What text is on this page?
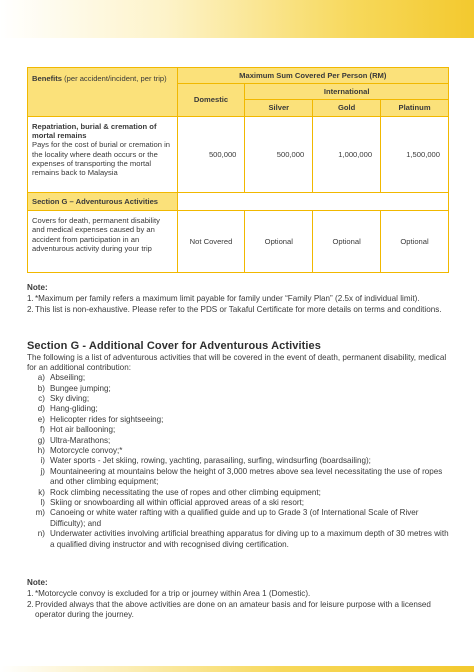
Benefits (per accident/incident, per trip)	Maximum Sum Covered Per Person (RM)			
	Domestic	International		
		Silver	Gold	Platinum

Repatriation, burial & cremation of mortal remains
Pays for the cost of burial or cremation in the locality where death occurs or the expenses of transporting the mortal remains back to Malaysia	500,000	500,000	1,000,000	1,500,000
Section G – Adventurous Activities				
Covers for death, permanent disability and medical expenses caused by an accident from participation in an adventurous activity during your trip	Not Covered	Optional	Optional	Optional
Note:
1. *Maximum per family refers a maximum limit payable for family under “Family Plan” (2.5x of individual limit).
2. This list is non-exhaustive. Please refer to the PDS or Takaful Certificate for more details on terms and conditions.
Section G - Additional Cover for Adventurous Activities
The following is a list of adventurous activities that will be covered in the event of death, permanent disability, medical for an additional contribution:
a) Abseiling;
b) Bungee jumping;
c) Sky diving;
d) Hang-gliding;
e) Helicopter rides for sightseeing;
f) Hot air ballooning;
g) Ultra-Marathons;
h) Motorcycle convoy;*
i) Water sports - Jet skiing, rowing, yachting, parasailing, surfing, windsurfing (boardsailing);
j) Mountaineering at mountains below the height of 3,000 metres above sea level necessitating the use of ropes and other climbing equipment;
k) Rock climbing necessitating the use of ropes and other climbing equipment;
l) Skiing or snowboarding all within official approved areas of a ski resort;
m) Canoeing or white water rafting with a qualified guide and up to Grade 3 (of International Scale of River Difficulty); and
n) Underwater activities involving artificial breathing apparatus for diving up to a maximum depth of 30 metres with a qualified diving instructor and with recognised diving certification.
Note:
1. *Motorcycle convoy is excluded for a trip or journey within Area 1 (Domestic).
2. Provided always that the above activities are done on an amateur basis and for leisure purpose with a licensed operator during the journey.
